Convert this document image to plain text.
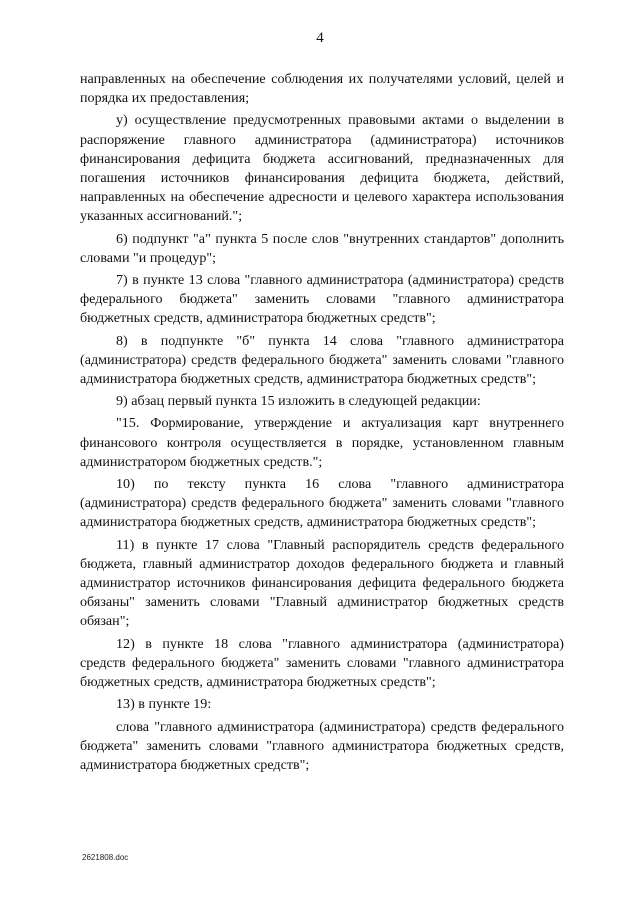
4

направленных на обеспечение соблюдения их получателями условий, целей и порядка их предоставления;

у) осуществление предусмотренных правовыми актами о выделении в распоряжение главного администратора (администратора) источников финансирования дефицита бюджета ассигнований, предназначенных для погашения источников финансирования дефицита бюджета, действий, направленных на обеспечение адресности и целевого характера использования указанных ассигнований.";

6) подпункт "а" пункта 5 после слов "внутренних стандартов" дополнить словами "и процедур";

7) в пункте 13 слова "главного администратора (администратора) средств федерального бюджета" заменить словами "главного администратора бюджетных средств, администратора бюджетных средств";

8) в подпункте "б" пункта 14 слова "главного администратора (администратора) средств федерального бюджета" заменить словами "главного администратора бюджетных средств, администратора бюджетных средств";

9) абзац первый пункта 15 изложить в следующей редакции:

"15. Формирование, утверждение и актуализация карт внутреннего финансового контроля осуществляется в порядке, установленном главным администратором бюджетных средств.";

10) по тексту пункта 16 слова "главного администратора (администратора) средств федерального бюджета" заменить словами "главного администратора бюджетных средств, администратора бюджетных средств";

11) в пункте 17 слова "Главный распорядитель средств федерального бюджета, главный администратор доходов федерального бюджета и главный администратор источников финансирования дефицита федерального бюджета обязаны" заменить словами "Главный администратор бюджетных средств обязан";

12) в пункте 18 слова "главного администратора (администратора) средств федерального бюджета" заменить словами "главного администратора бюджетных средств, администратора бюджетных средств";

13) в пункте 19:

слова "главного администратора (администратора) средств федерального бюджета" заменить словами "главного администратора бюджетных средств, администратора бюджетных средств";

2621808.doc
